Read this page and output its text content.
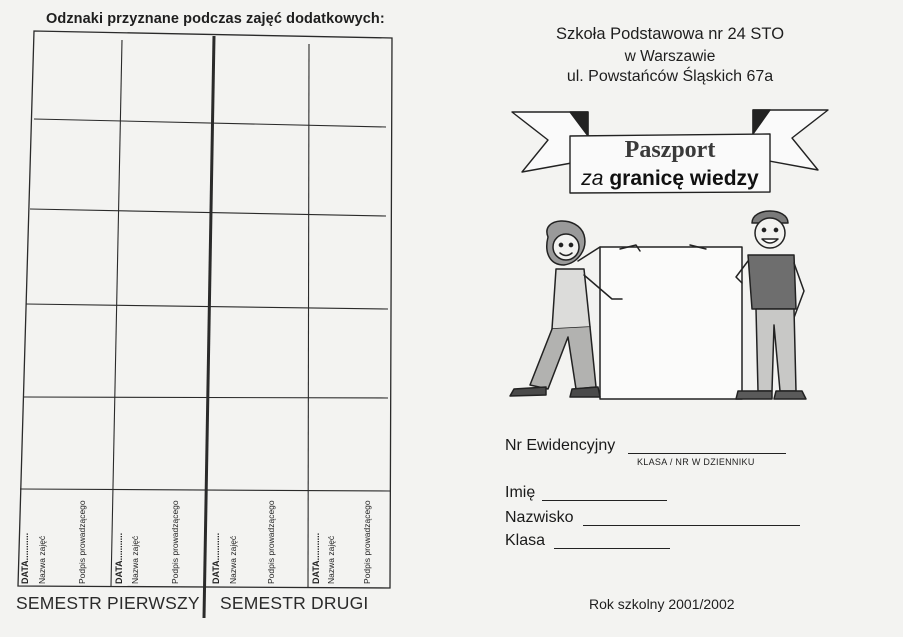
Odznaki przyznane podczas zajęć dodatkowych:
DATA........... Nazwa zajęć	Podpis prowadzącego	DATA........... Nazwa zajęć	Podpis prowadzącego	DATA........... Nazwa zajęć	Podpis prowadzącego	DATA........... Nazwa zajęć	Podpis prowadzącego
SEMESTR PIERWSZY SEMESTR DRUGI
Szkoła Podstawowa nr 24 STO
w Warszawie
ul. Powstańców Śląskich 67a
Paszport
za granicę wiedzy
Nr Ewidencyjny
KLASA / NR W DZIENNIKU
Imię
Nazwisko
Klasa
Rok szkolny 2001/2002
